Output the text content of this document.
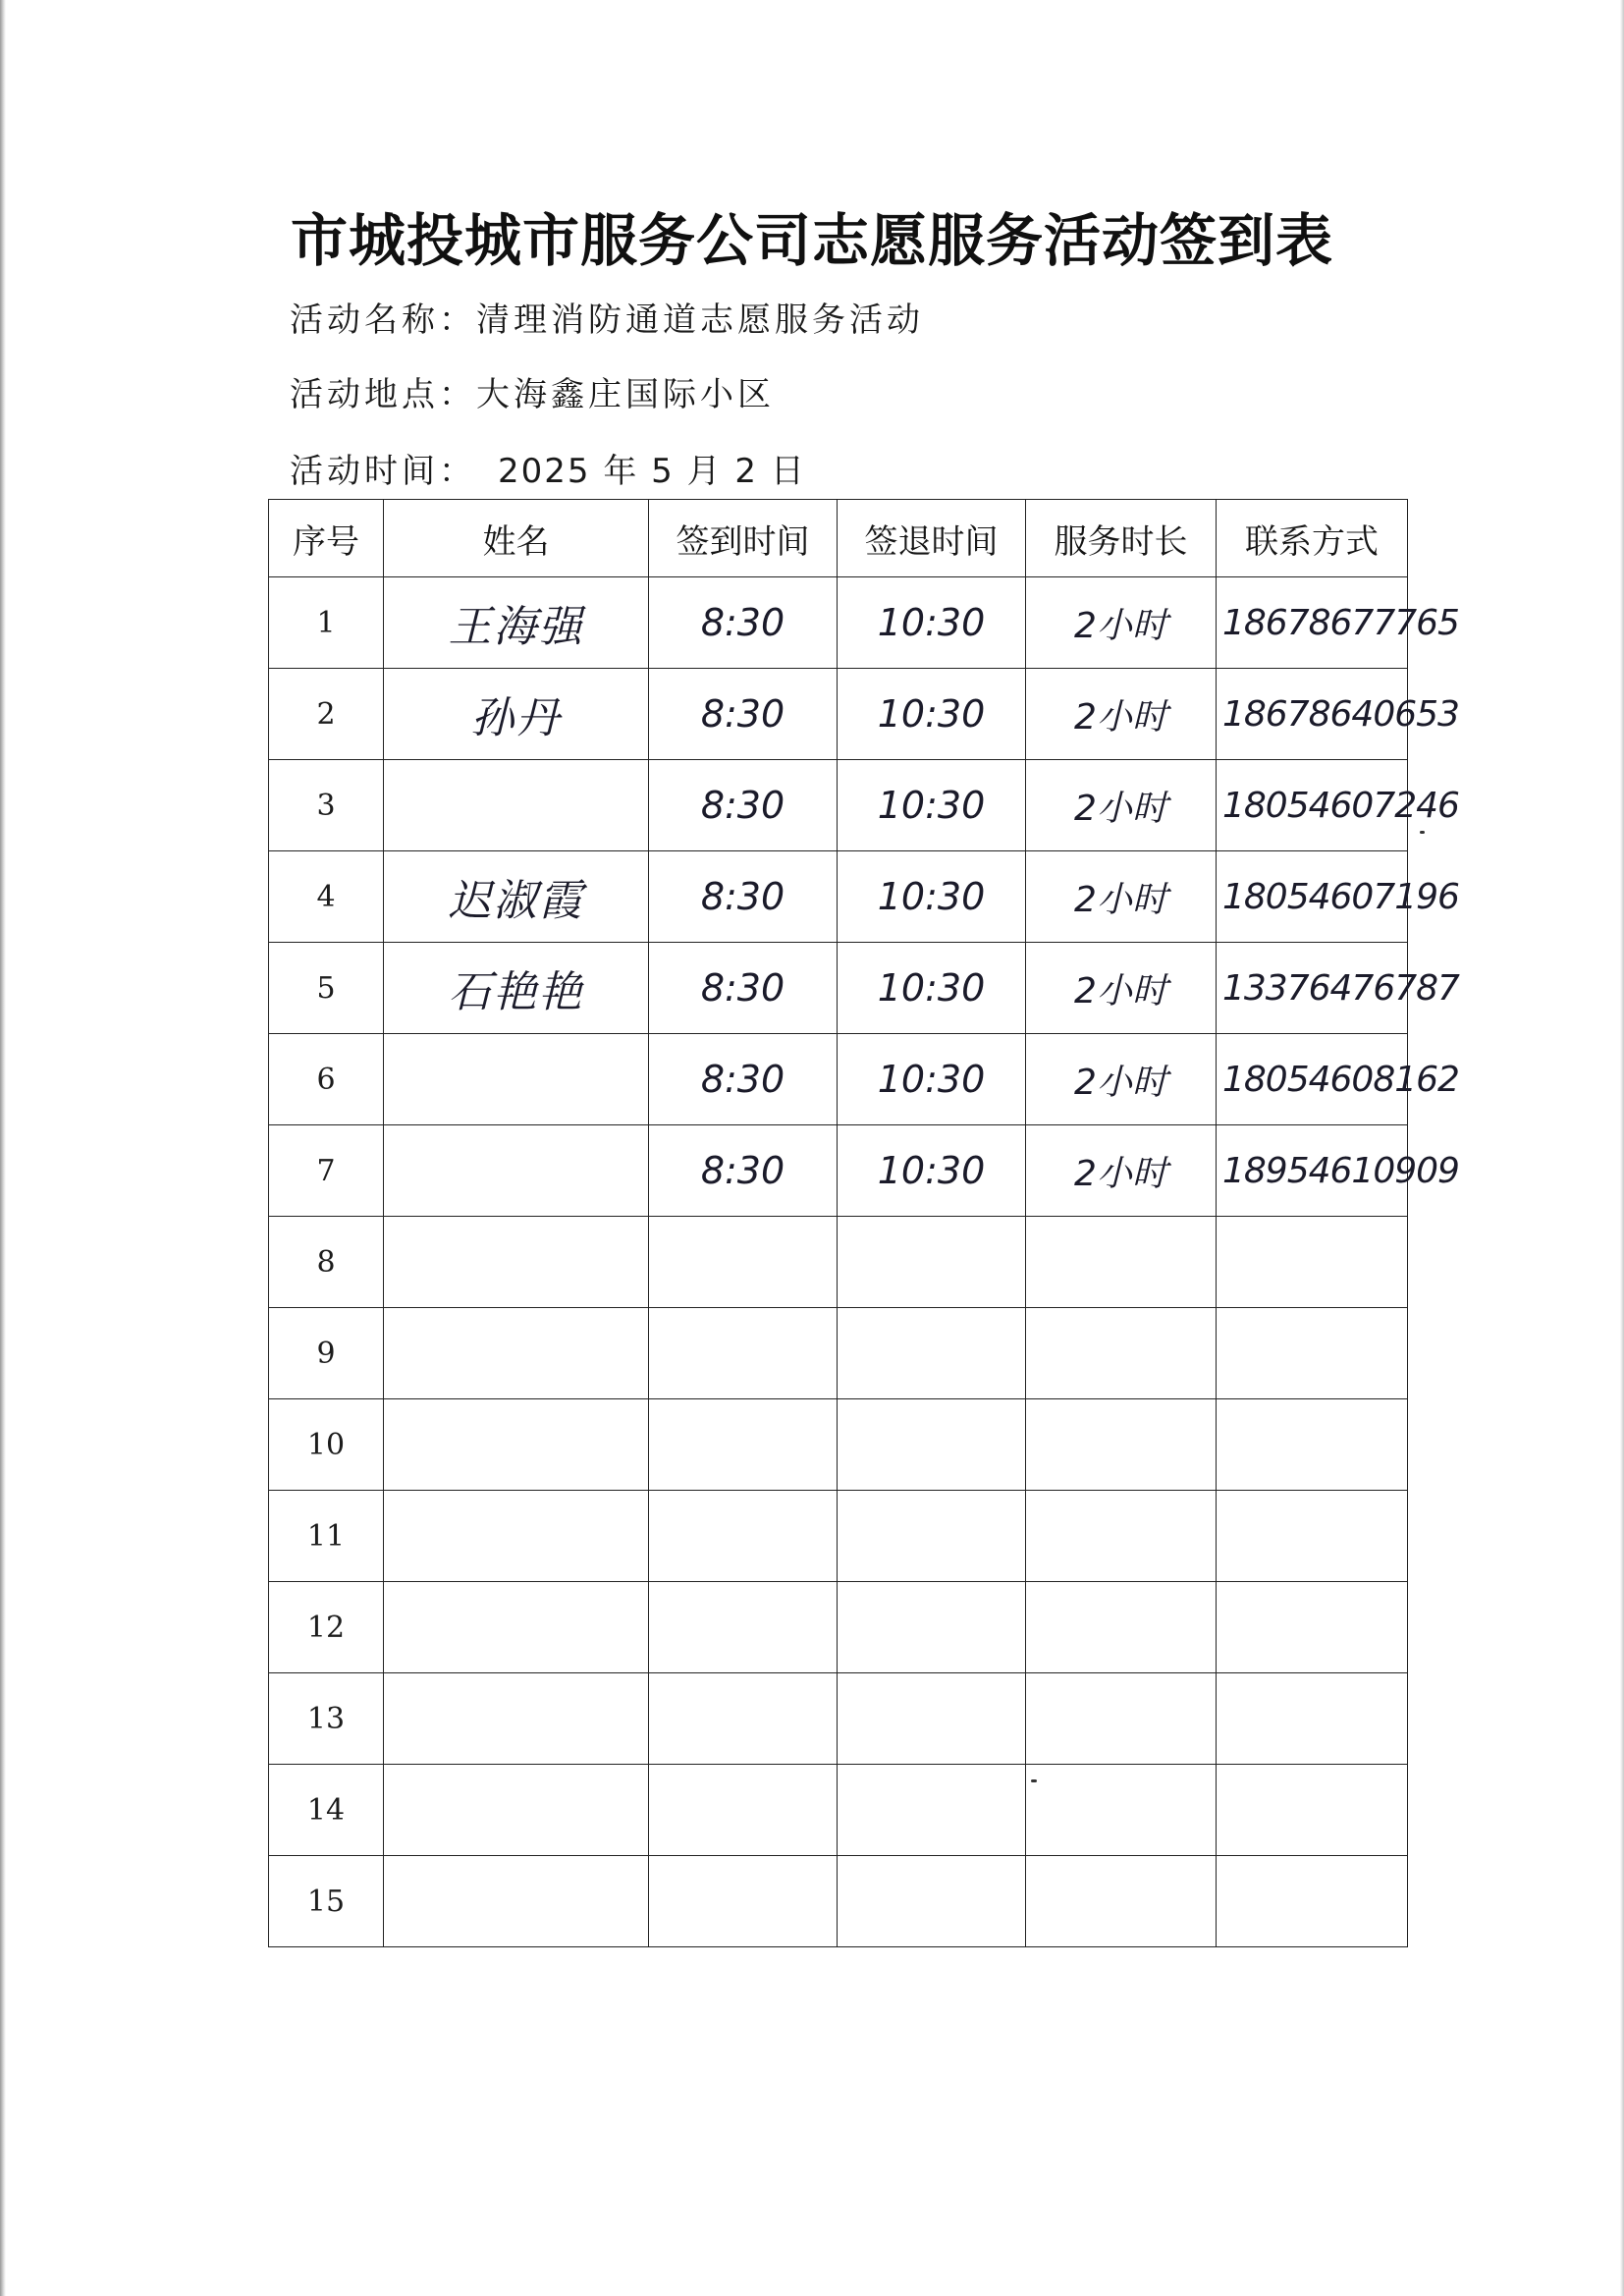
市城投城市服务公司志愿服务活动签到表
活动名称：清理消防通道志愿服务活动
活动地点：大海鑫庄国际小区
活动时间： 2025 年 5 月 2 日
序号	姓名	签到时间	签退时间	服务时长	联系方式
1	王海强	8:30	10:30	2小时	18678677765
2	孙丹	8:30	10:30	2小时	18678640653
3		8:30	10:30	2小时	18054607246
4	迟淑霞	8:30	10:30	2小时	18054607196
5	石艳艳	8:30	10:30	2小时	13376476787
6		8:30	10:30	2小时	18054608162
7		8:30	10:30	2小时	18954610909
8					
9					
10					
11					
12					
13					
14					
15					
